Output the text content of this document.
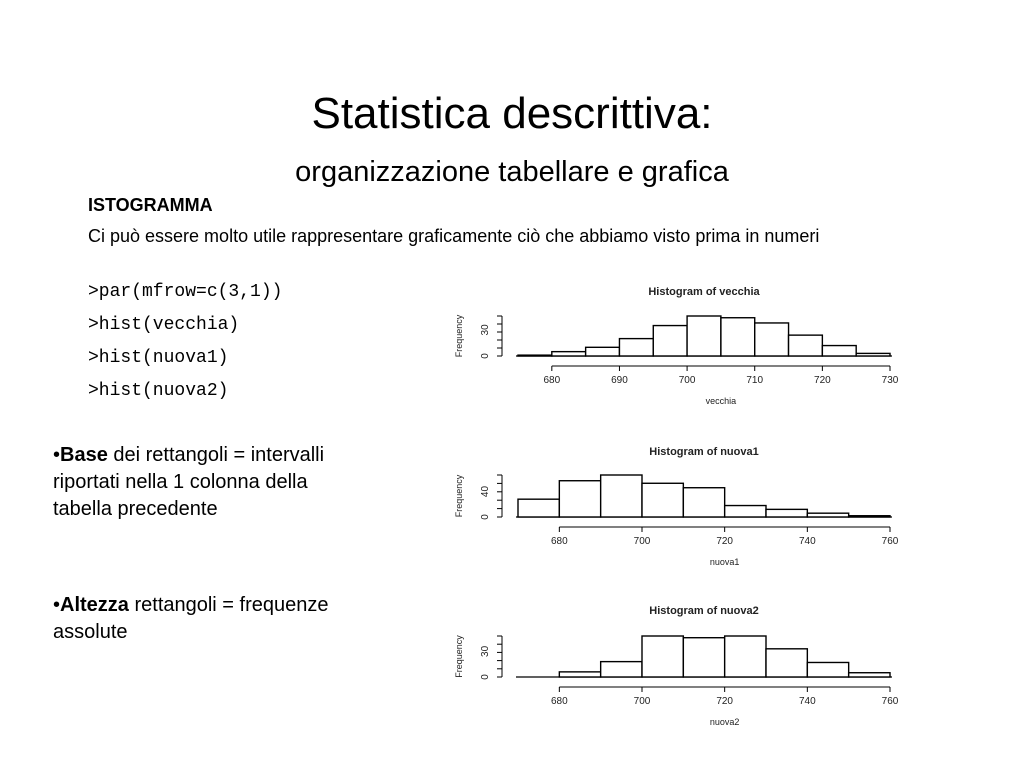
Statistica descrittiva:
organizzazione tabellare e grafica
ISTOGRAMMA
Ci può essere molto utile rappresentare graficamente ciò che abbiamo visto prima in numeri
>par(mfrow=c(3,1))
>hist(vecchia)
>hist(nuova1)
>hist(nuova2)
•Base dei rettangoli = intervalli riportati nella 1 colonna della tabella precedente
•Altezza rettangoli = frequenze assolute
Histogram of vecchia
680	690	700	710	720	730
vecchia
0
30
Frequency
Histogram of nuova1
680	700	720	740	760
nuova1
0
40
Frequency
Histogram of nuova2
680	700	720	740	760
nuova2
0
30
Frequency
